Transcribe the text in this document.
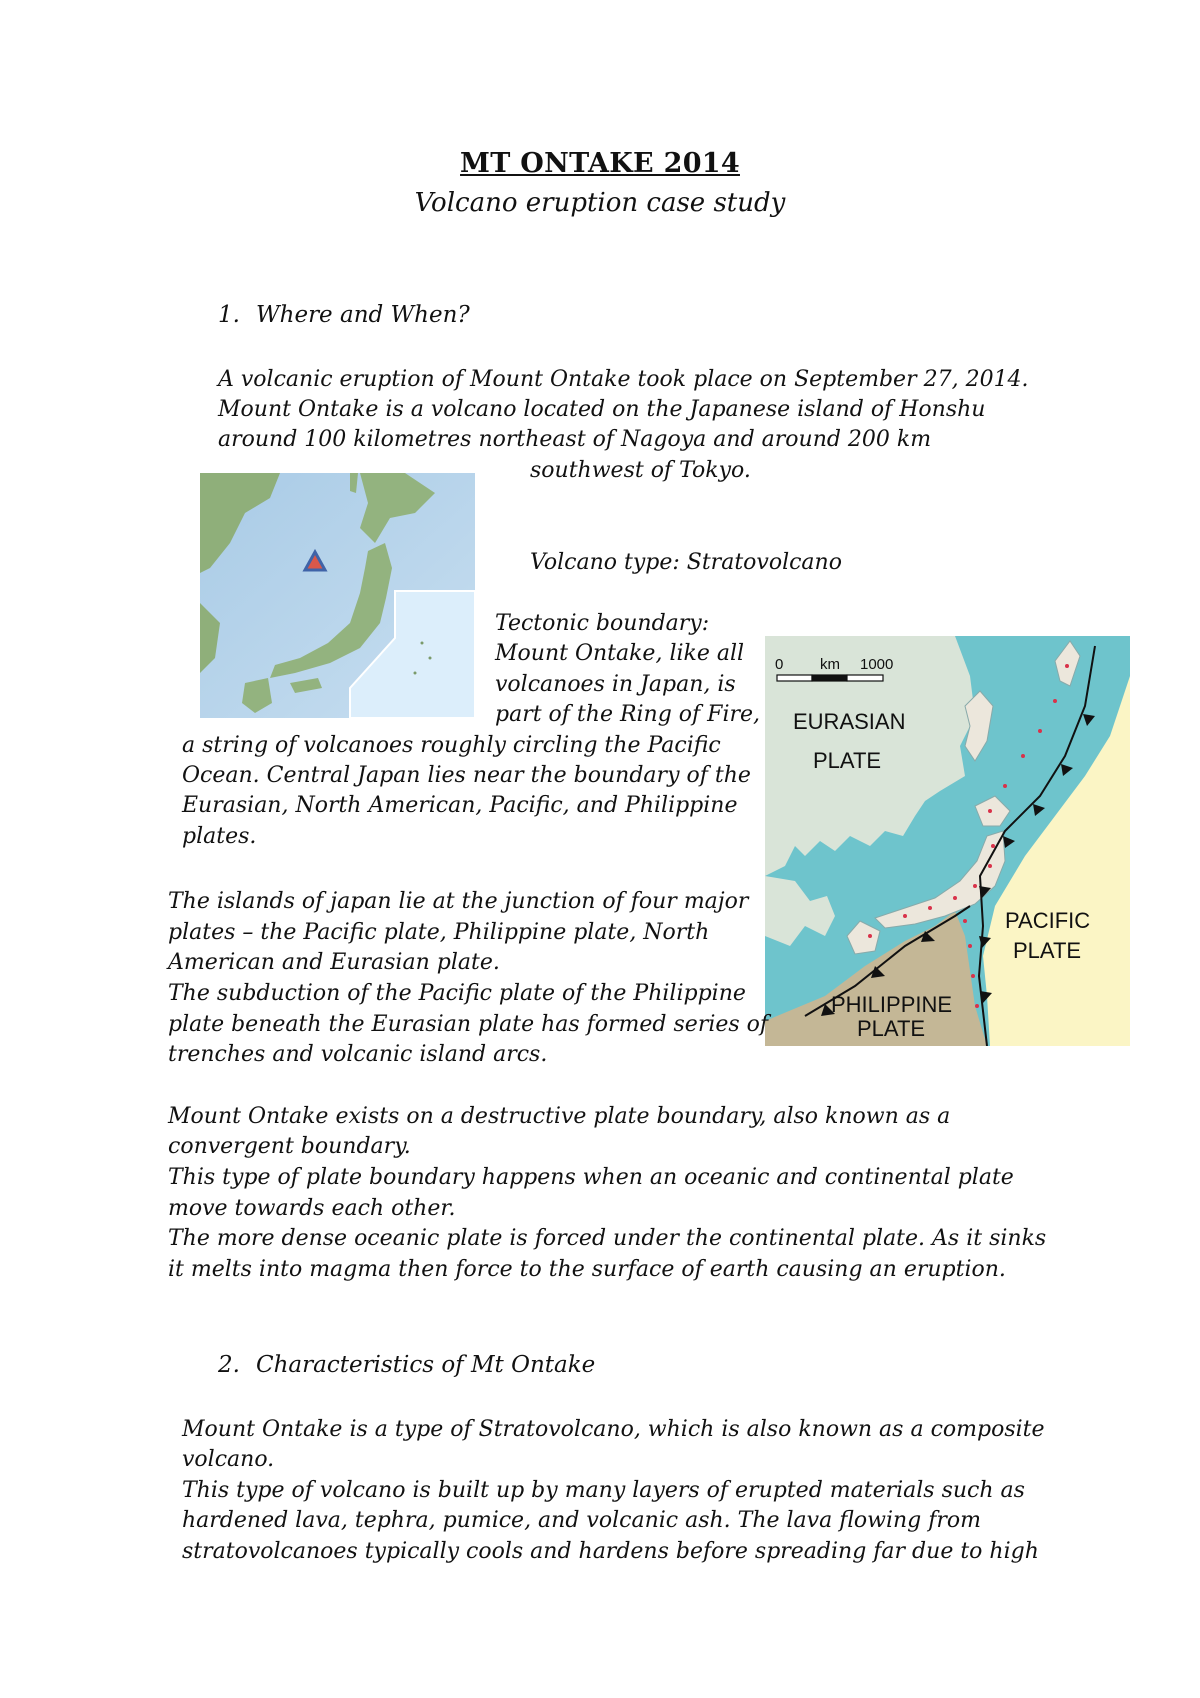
MT ONTAKE 2014
Volcano eruption case study
1. Where and When?
A volcanic eruption of Mount Ontake took place on September 27, 2014.
Mount Ontake is a volcano located on the Japanese island of Honshu
around 100 kilometres northeast of Nagoya and around 200 km
southwest of Tokyo.
Volcano type: Stratovolcano
Tectonic boundary:
Mount Ontake, like all
volcanoes in Japan, is
part of the Ring of Fire,
a string of volcanoes roughly circling the Pacific
Ocean. Central Japan lies near the boundary of the
Eurasian, North American, Pacific, and Philippine
plates.
0 km 1000
EURASIAN
PLATE
PACIFIC
PLATE
PHILIPPINE
PLATE
The islands of japan lie at the junction of four major
plates – the Pacific plate, Philippine plate, North
American and Eurasian plate.
The subduction of the Pacific plate of the Philippine
plate beneath the Eurasian plate has formed series of
trenches and volcanic island arcs.
Mount Ontake exists on a destructive plate boundary, also known as a
convergent boundary.
This type of plate boundary happens when an oceanic and continental plate
move towards each other.
The more dense oceanic plate is forced under the continental plate. As it sinks
it melts into magma then force to the surface of earth causing an eruption.
2. Characteristics of Mt Ontake
Mount Ontake is a type of Stratovolcano, which is also known as a composite
volcano.
This type of volcano is built up by many layers of erupted materials such as
hardened lava, tephra, pumice, and volcanic ash. The lava flowing from
stratovolcanoes typically cools and hardens before spreading far due to high
